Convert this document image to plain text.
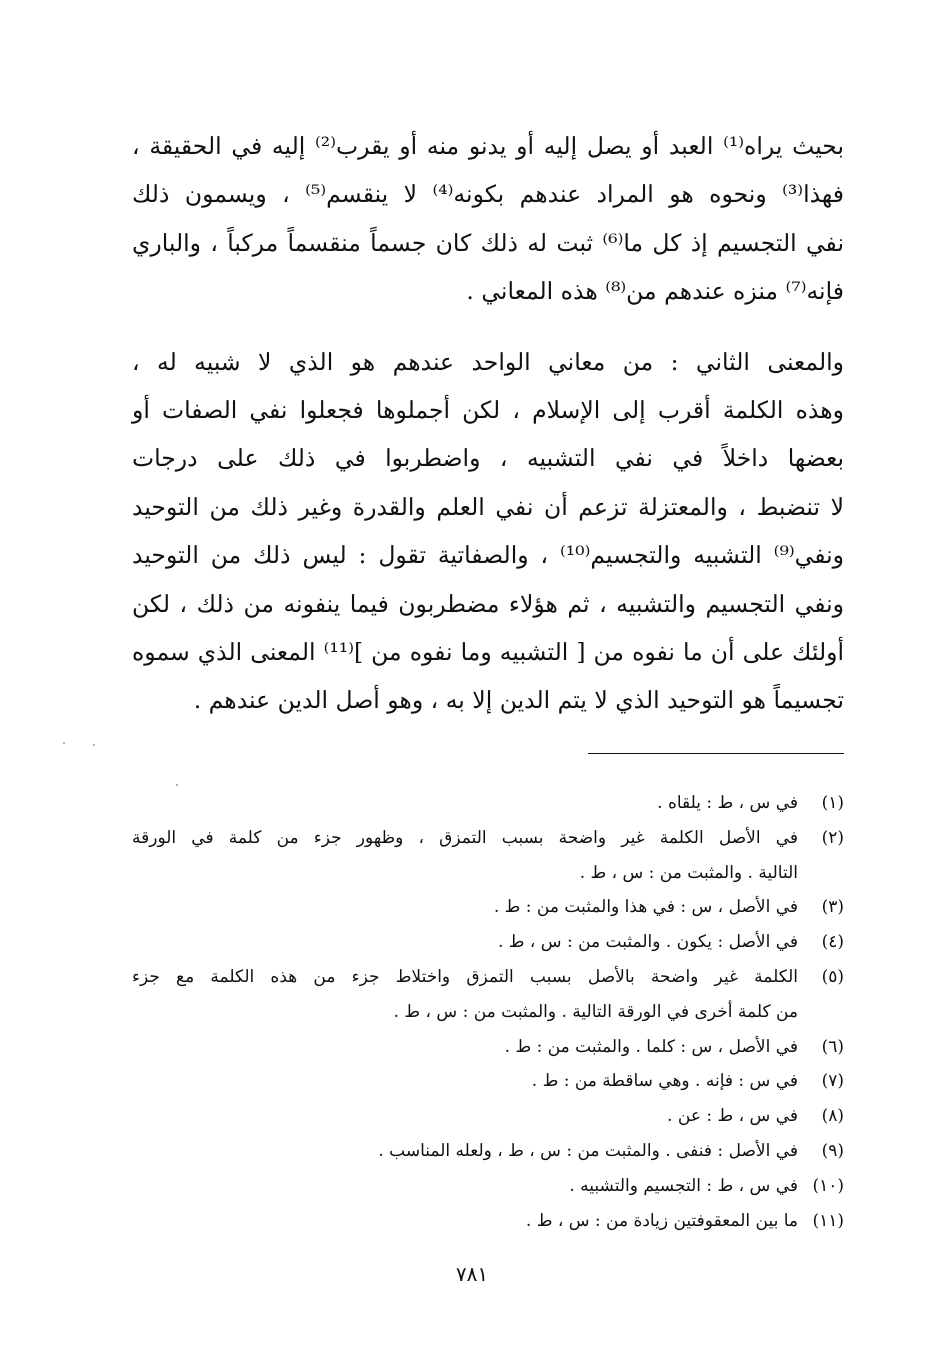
بحيث يراه⁽¹⁾ العبد أو يصل إليه أو يدنو منه أو يقرب⁽²⁾ إليه في الحقيقة ،
فهذا⁽³⁾ ونحوه هو المراد عندهم بكونه⁽⁴⁾ لا ينقسم⁽⁵⁾ ، ويسمون ذلك
نفي التجسيم إذ كل ما⁽⁶⁾ ثبت له ذلك كان جسماً منقسماً مركباً ، والباري
فإنه⁽⁷⁾ منزه عندهم من⁽⁸⁾ هذه المعاني .

والمعنى الثاني : من معاني الواحد عندهم هو الذي لا شبيه له ،
وهذه الكلمة أقرب إلى الإسلام ، لكن أجملوها فجعلوا نفي الصفات أو
بعضها داخلاً في نفي التشبيه ، واضطربوا في ذلك على درجات
لا تنضبط ، والمعتزلة تزعم أن نفي العلم والقدرة وغير ذلك من التوحيد
ونفي⁽⁹⁾ التشبيه والتجسيم⁽¹⁰⁾ ، والصفاتية تقول : ليس ذلك من التوحيد
ونفي التجسيم والتشبيه ، ثم هؤلاء مضطربون فيما ينفونه من ذلك ، لكن
أولئك على أن ما نفوه من [ التشبيه وما نفوه من ]⁽¹¹⁾ المعنى الذي سموه
تجسيماً هو التوحيد الذي لا يتم الدين إلا به ، وهو أصل الدين عندهم .

(١)
في س ، ط : يلقاه .
(٢)
في الأصل الكلمة غير واضحة بسبب التمزق ، وظهور جزء من كلمة في الورقة
التالية . والمثبت من : س ، ط .
(٣)
في الأصل ، س : في هذا والمثبت من : ط .
(٤)
في الأصل : يكون . والمثبت من : س ، ط .
(٥)
الكلمة غير واضحة بالأصل بسبب التمزق واختلاط جزء من هذه الكلمة مع جزء
من كلمة أخرى في الورقة التالية . والمثبت من : س ، ط .
(٦)
في الأصل ، س : كلما . والمثبت من : ط .
(٧)
في س : فإنه . وهي ساقطة من : ط .
(٨)
في س ، ط : عن .
(٩)
في الأصل : فنفى . والمثبت من : س ، ط ، ولعله المناسب .
(١٠)
في س ، ط : التجسيم والتشبيه .
(١١)
ما بين المعقوفتين زيادة من : س ، ط .
٧٨١
